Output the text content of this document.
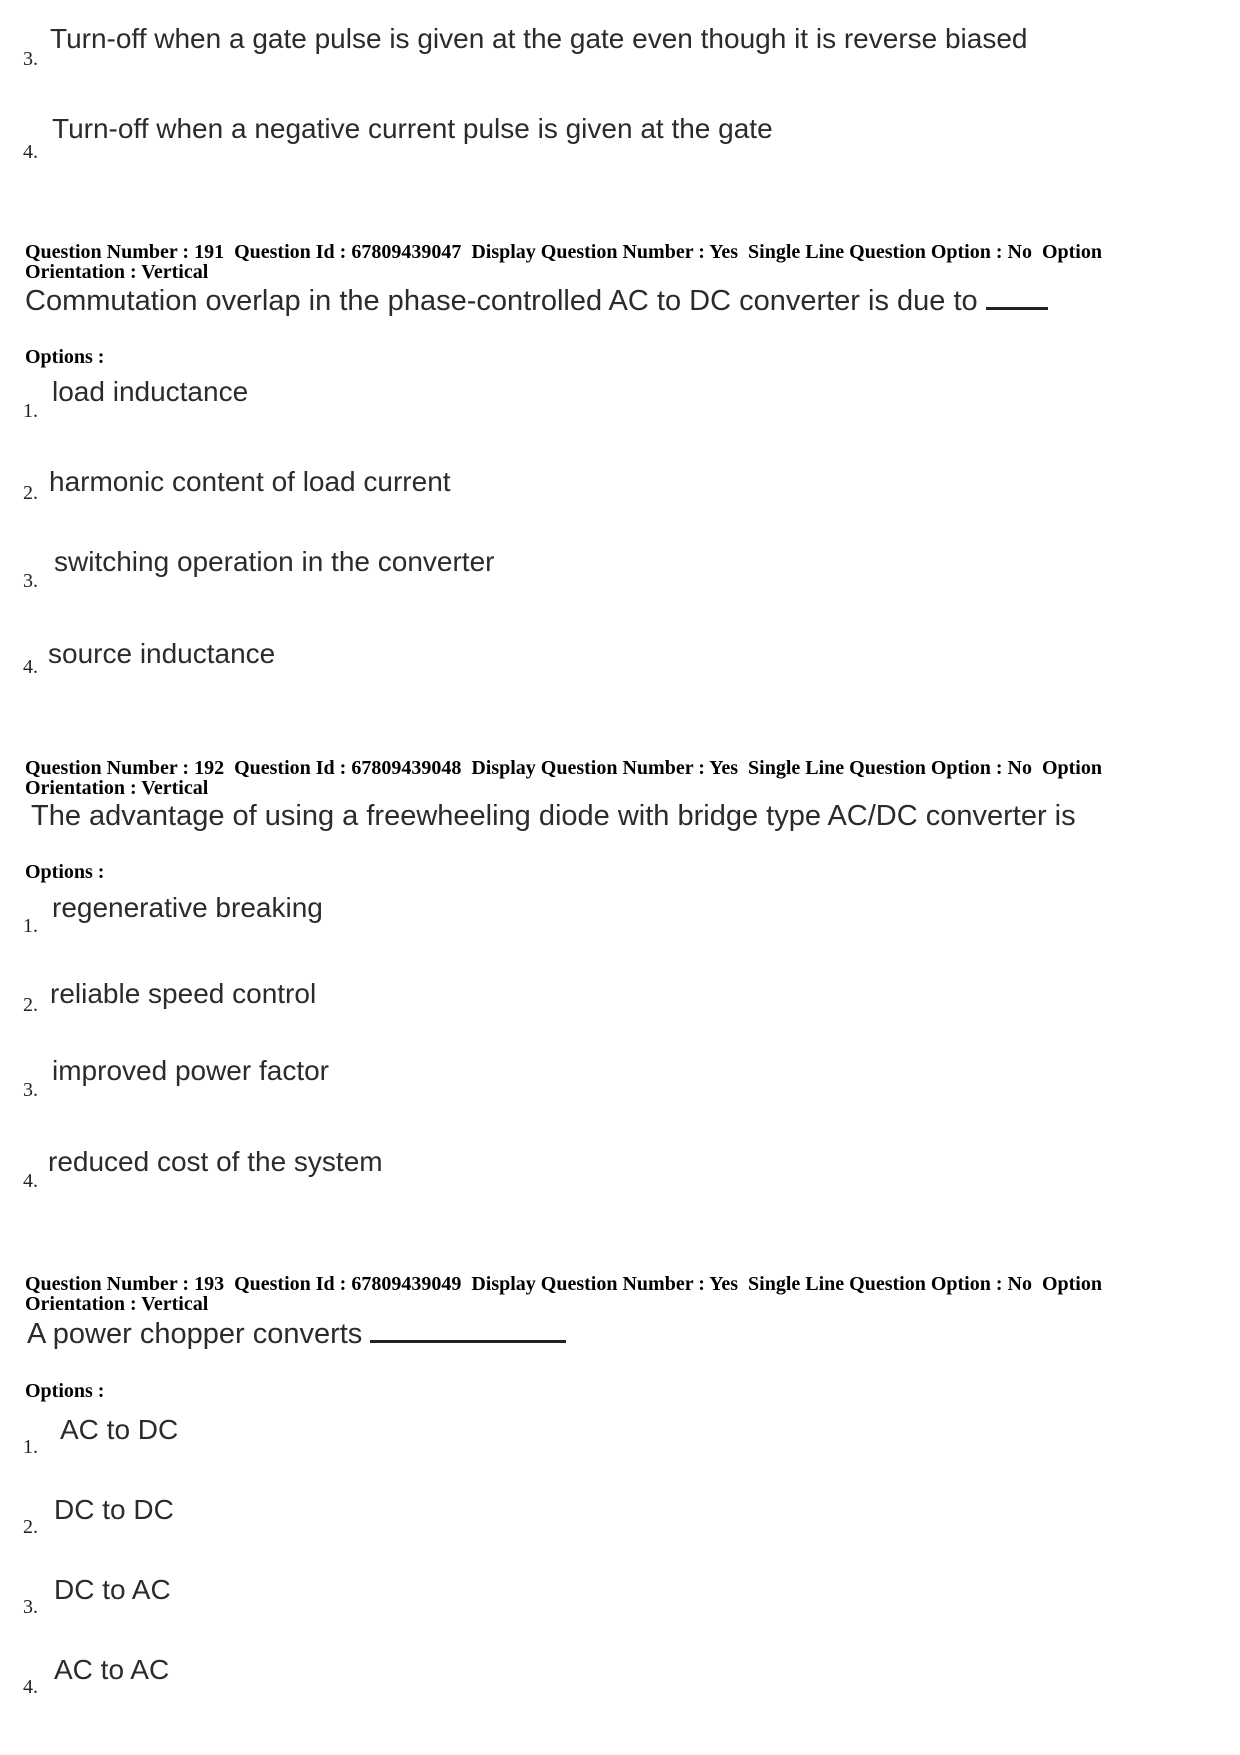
3.
Turn-off when a gate pulse is given at the gate even though it is reverse biased
4.
Turn-off when a negative current pulse is given at the gate
Question Number : 191  Question Id : 67809439047  Display Question Number : Yes  Single Line Question Option : No  Option
Orientation : Vertical
Commutation overlap in the phase-controlled AC to DC converter is due to
Options :
1.
load inductance
2. harmonic content of load current
3.
switching operation in the converter
4. source inductance
Question Number : 192  Question Id : 67809439048  Display Question Number : Yes  Single Line Question Option : No  Option
Orientation : Vertical
The advantage of using a freewheeling diode with bridge type AC/DC converter is
Options :
1.
regenerative breaking
2. reliable speed control
3.
improved power factor
4.
reduced cost of the system
Question Number : 193  Question Id : 67809439049  Display Question Number : Yes  Single Line Question Option : No  Option
Orientation : Vertical
A power chopper converts
Options :
1.
AC to DC
2.
DC to DC
3.
DC to AC
4.
AC to AC
